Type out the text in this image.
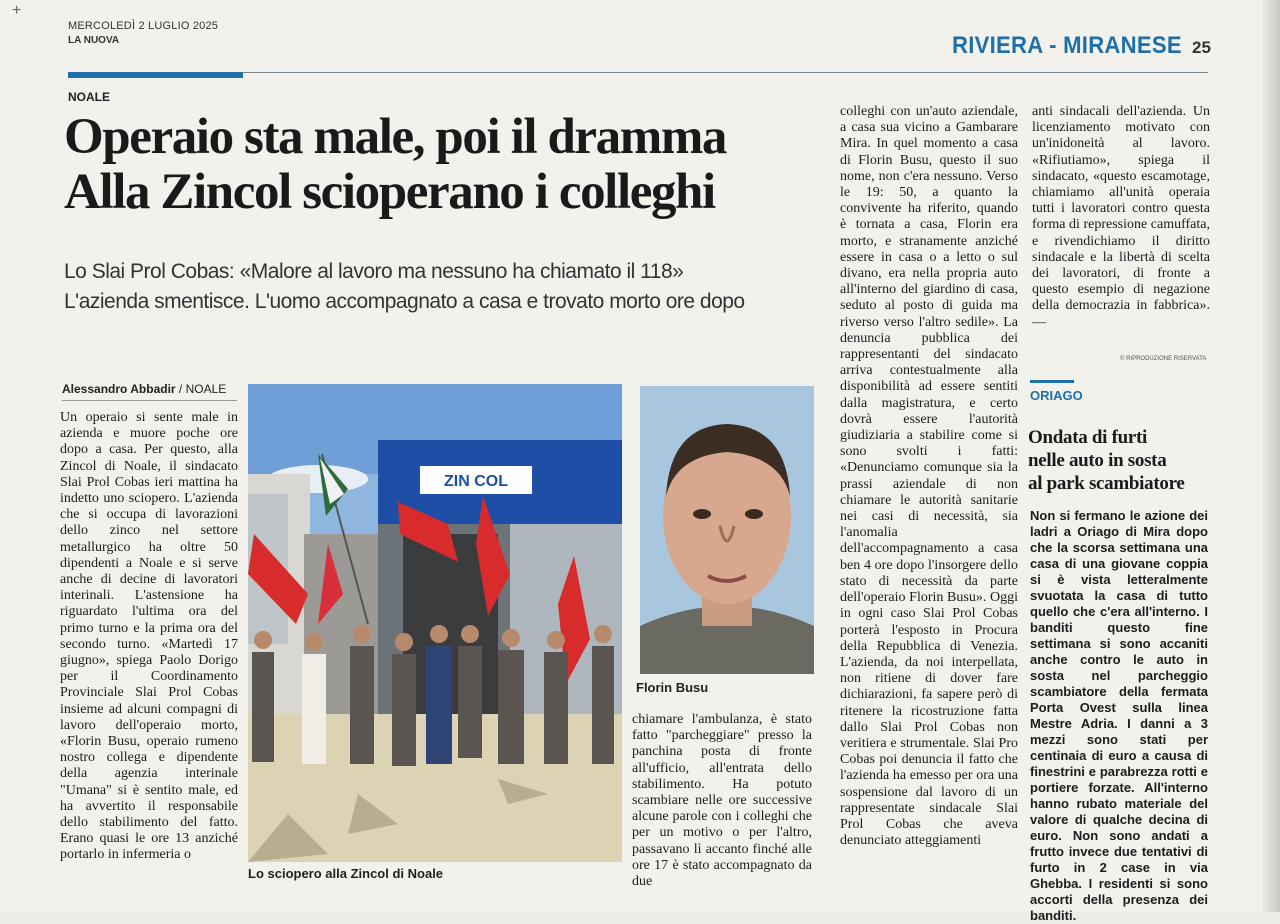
+
MERCOLEDÌ 2 LUGLIO 2025
LA NUOVA	RIVIERA - MIRANESE 25
NOALE
Operaio sta male, poi il dramma
Alla Zincol scioperano i colleghi

Lo Slai Prol Cobas: «Malore al lavoro ma nessuno ha chiamato il 118»
L'azienda smentisce. L'uomo accompagnato a casa e trovato morto ore dopo

Alessandro Abbadir / NOALE

Un operaio si sente male in azienda e muore poche ore dopo a casa. Per questo, alla Zincol di Noale, il sindacato Slai Prol Cobas ieri mattina ha indetto uno sciopero. L'azienda che si occupa di lavorazioni dello zinco nel settore metallurgico ha oltre 50 dipendenti a Noale e si serve anche di decine di lavoratori interinali. L'astensione ha riguardato l'ultima ora del primo turno e la prima ora del secondo turno. «Martedì 17 giugno», spiega Paolo Dorigo per il Coordinamento Provinciale Slai Prol Cobas insieme ad alcuni compagni di lavoro dell'operaio morto, «Florin Busu, operaio rumeno nostro collega e dipendente della agenzia interinale "Umana" si è sentito male, ed ha avvertito il responsabile dello stabilimento del fatto. Erano quasi le ore 13 anziché portarlo in infermeria o

ZIN COL
Lo sciopero alla Zincol di Noale
Florin Busu

chiamare l'ambulanza, è stato fatto "parcheggiare" presso la panchina posta di fronte all'ufficio, all'entrata dello stabilimento. Ha potuto scambiare nelle ore successive alcune parole con i colleghi che per un motivo o per l'altro, passavano lì accanto finché alle ore 17 è stato accompagnato da due

colleghi con un'auto aziendale, a casa sua vicino a Gambarare Mira. In quel momento a casa di Florin Busu, questo il suo nome, non c'era nessuno. Verso le 19: 50, a quanto la convivente ha riferito, quando è tornata a casa, Florin era morto, e stranamente anziché essere in casa o a letto o sul divano, era nella propria auto all'interno del giardino di casa, seduto al posto di guida ma riverso verso l'altro sedile». La denuncia pubblica dei rappresentanti del sindacato arriva contestualmente alla disponibilità ad essere sentiti dalla magistratura, e certo dovrà essere l'autorità giudiziaria a stabilire come si sono svolti i fatti: «Denunciamo comunque sia la prassi aziendale di non chiamare le autorità sanitarie nei casi di necessità, sia l'anomalia dell'accompagnamento a casa ben 4 ore dopo l'insorgere dello stato di necessità da parte dell'operaio Florin Busu». Oggi in ogni caso Slai Prol Cobas porterà l'esposto in Procura della Repubblica di Venezia. L'azienda, da noi interpellata, non ritiene di dover fare dichiarazioni, fa sapere però di ritenere la ricostruzione fatta dallo Slai Prol Cobas non veritiera e strumentale. Slai Pro Cobas poi denuncia il fatto che l'azienda ha emesso per ora una sospensione dal lavoro di un rappresentate sindacale Slai Prol Cobas che aveva denunciato atteggiamenti

anti sindacali dell'azienda. Un licenziamento motivato con un'inidoneità al lavoro. «Rifiutiamo», spiega il sindacato, «questo escamotage, chiamiamo all'unità operaia tutti i lavoratori contro questa forma di repressione camuffata, e rivendichiamo il diritto sindacale e la libertà di scelta dei lavoratori, di fronte a questo esempio di negazione della democrazia in fabbrica». —

© RIPRODUZIONE RISERVATA
ORIAGO
Ondata di furti
nelle auto in sosta
al park scambiatore

Non si fermano le azione dei ladri a Oriago di Mira dopo che la scorsa settimana una casa di una giovane coppia si è vista letteralmente svuotata la casa di tutto quello che c'era all'interno. I banditi questo fine settimana si sono accaniti anche contro le auto in sosta nel parcheggio scambiatore della fermata Porta Ovest sulla linea Mestre Adria. I danni a 3 mezzi sono stati per centinaia di euro a causa di finestrini e parabrezza rotti e portiere forzate. All'interno hanno rubato materiale del valore di qualche decina di euro. Non sono andati a frutto invece due tentativi di furto in 2 case in via Ghebba. I residenti si sono accorti della presenza dei banditi.
